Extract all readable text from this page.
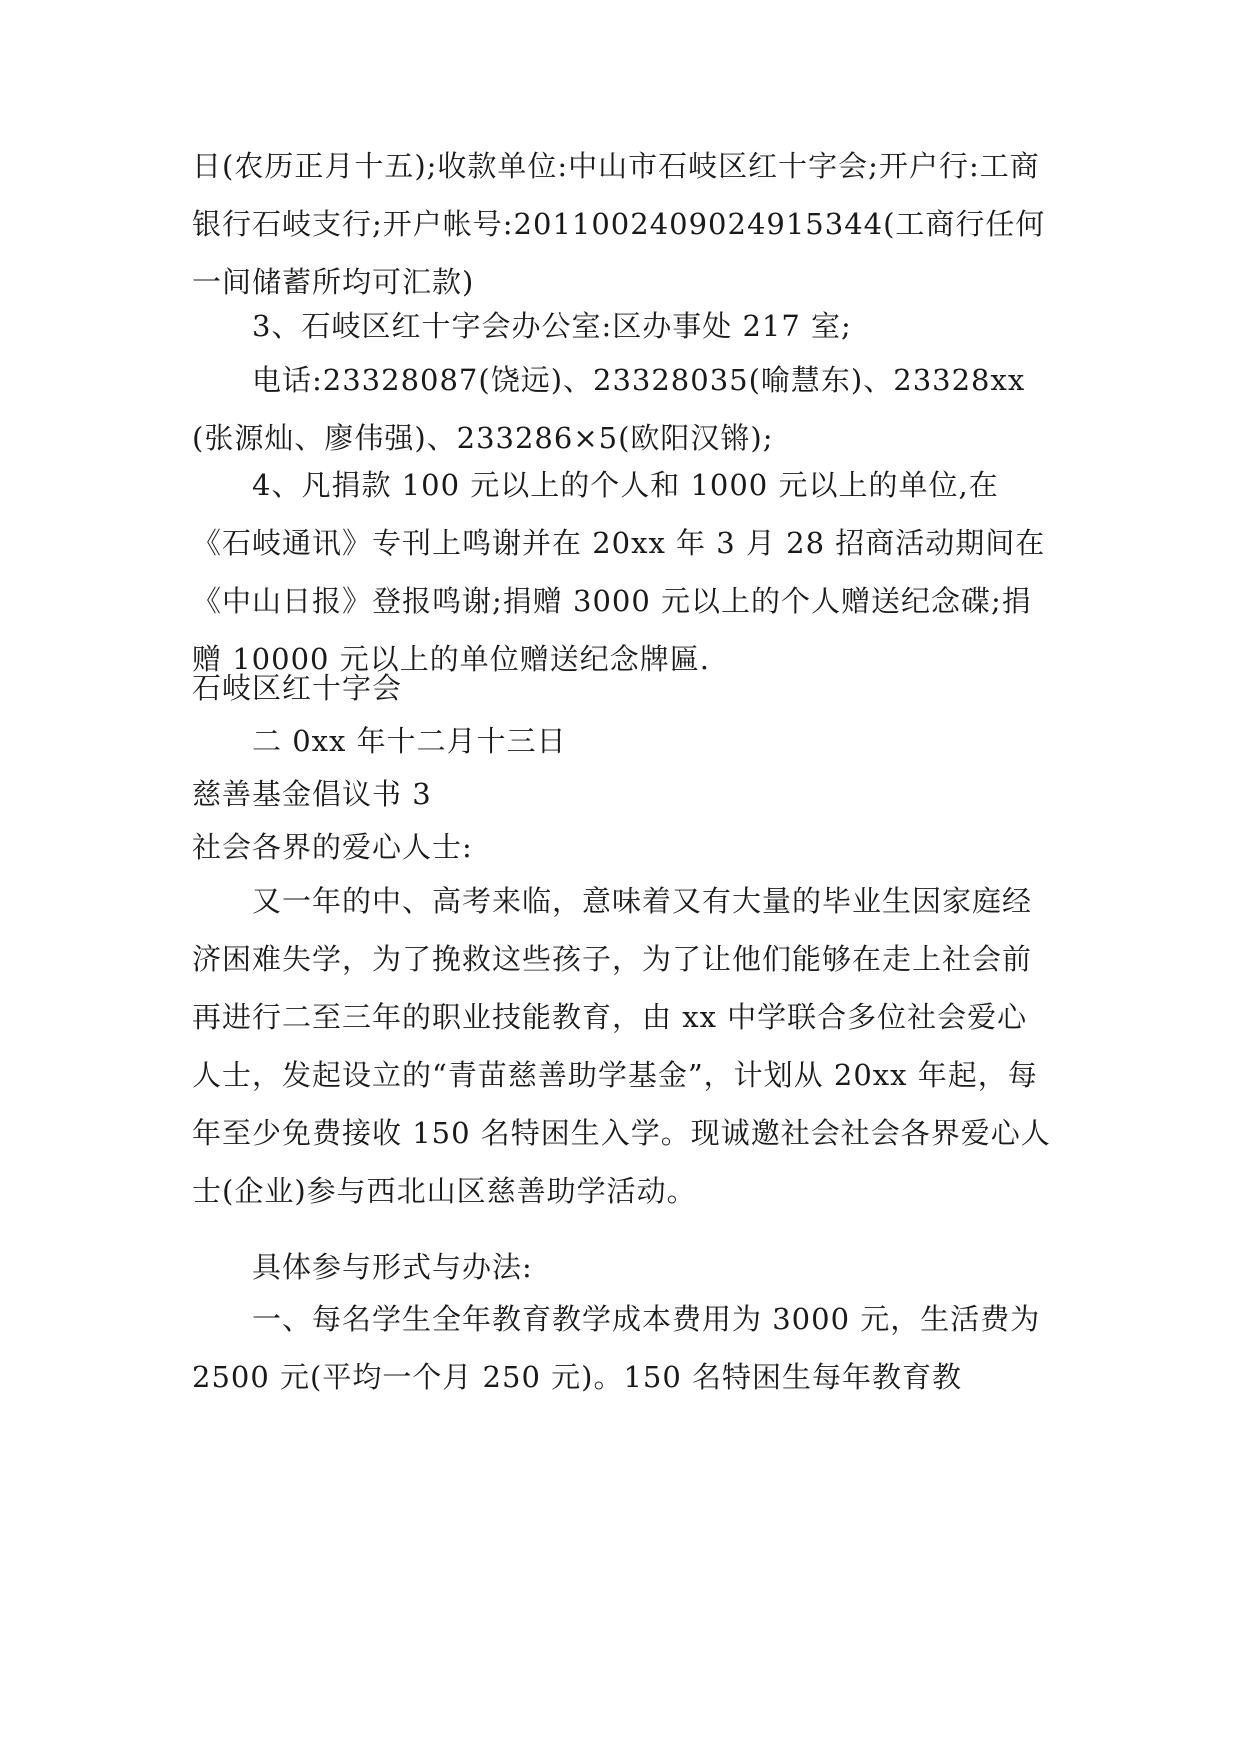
日(农历正月十五);收款单位:中山市石岐区红十字会;开户行:工商银行石岐支行;开户帐号:2011002409024915344(工商行任何一间储蓄所均可汇款)

3、石岐区红十字会办公室:区办事处 217 室;

电话:23328087(饶远)、23328035(喻慧东)、23328xx(张源灿、廖伟强)、233286×5(欧阳汉锵);

4、凡捐款 100 元以上的个人和 1000 元以上的单位,在《石岐通讯》专刊上鸣谢并在 20xx 年 3 月 28 招商活动期间在《中山日报》登报鸣谢;捐赠 3000 元以上的个人赠送纪念碟;捐赠 10000 元以上的单位赠送纪念牌匾.

石岐区红十字会

二 0xx 年十二月十三日

慈善基金倡议书 3

社会各界的爱心人士:

又一年的中、高考来临，意味着又有大量的毕业生因家庭经济困难失学，为了挽救这些孩子，为了让他们能够在走上社会前再进行二至三年的职业技能教育，由 xx 中学联合多位社会爱心人士，发起设立的“青苗慈善助学基金”，计划从 20xx 年起，每年至少免费接收 150 名特困生入学。现诚邀社会社会各界爱心人士(企业)参与西北山区慈善助学活动。

具体参与形式与办法:

一、每名学生全年教育教学成本费用为 3000 元，生活费为 2500 元(平均一个月 250 元)。150 名特困生每年教育教
